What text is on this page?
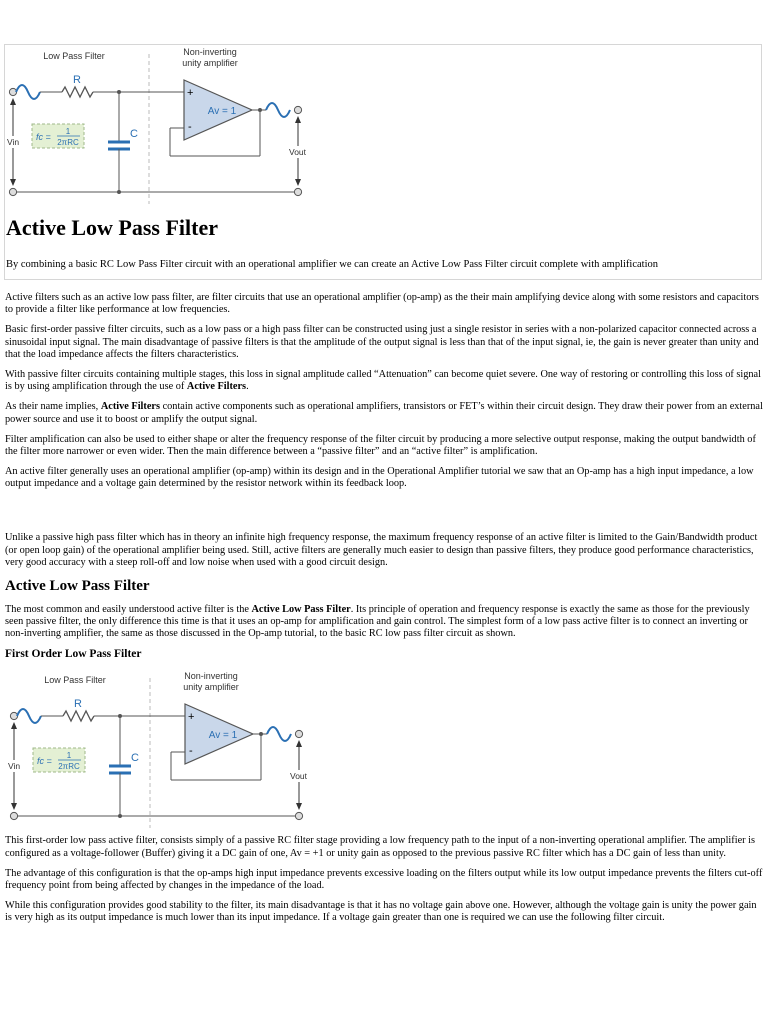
Low Pass Filter	Non-inverting
unity amplifier
R
C
Vin fc =
1
2πRC
+
-
Av = 1
Vout
Active Low Pass Filter

By combining a basic RC Low Pass Filter circuit with an operational amplifier we can create an Active Low Pass Filter circuit complete with amplification

Active filters such as an active low pass filter, are filter circuits that use an operational amplifier (op-amp) as the their main amplifying device along with some resistors and capacitors to provide a filter like performance at low frequencies.

Basic first-order passive filter circuits, such as a low pass or a high pass filter can be constructed using just a single resistor in series with a non-polarized capacitor connected across a sinusoidal input signal. The main disadvantage of passive filters is that the amplitude of the output signal is less than that of the input signal, ie, the gain is never greater than unity and that the load impedance affects the filters characteristics.

With passive filter circuits containing multiple stages, this loss in signal amplitude called “Attenuation” can become quiet severe. One way of restoring or controlling this loss of signal is by using amplification through the use of Active Filters.

As their name implies, Active Filters contain active components such as operational amplifiers, transistors or FET’s within their circuit design. They draw their power from an external power source and use it to boost or amplify the output signal.

Filter amplification can also be used to either shape or alter the frequency response of the filter circuit by producing a more selective output response, making the output bandwidth of the filter more narrower or even wider. Then the main difference between a “passive filter” and an “active filter” is amplification.

An active filter generally uses an operational amplifier (op-amp) within its design and in the Operational Amplifier tutorial we saw that an Op-amp has a high input impedance, a low output impedance and a voltage gain determined by the resistor network within its feedback loop.

Unlike a passive high pass filter which has in theory an infinite high frequency response, the maximum frequency response of an active filter is limited to the Gain/Bandwidth product (or open loop gain) of the operational amplifier being used. Still, active filters are generally much easier to design than passive filters, they produce good performance characteristics, very good accuracy with a steep roll-off and low noise when used with a good circuit design.

Active Low Pass Filter

The most common and easily understood active filter is the Active Low Pass Filter. Its principle of operation and frequency response is exactly the same as those for the previously seen passive filter, the only difference this time is that it uses an op-amp for amplification and gain control. The simplest form of a low pass active filter is to connect an inverting or non-inverting amplifier, the same as those discussed in the Op-amp tutorial, to the basic RC low pass filter circuit as shown.

First Order Low Pass Filter
Low Pass Filter	Non-inverting
unity amplifier
R
C
Vin fc =
1
2πRC
+
-
Av = 1
Vout

This first-order low pass active filter, consists simply of a passive RC filter stage providing a low frequency path to the input of a non-inverting operational amplifier. The amplifier is configured as a voltage-follower (Buffer) giving it a DC gain of one, Av = +1 or unity gain as opposed to the previous passive RC filter which has a DC gain of less than unity.

The advantage of this configuration is that the op-amps high input impedance prevents excessive loading on the filters output while its low output impedance prevents the filters cut-off frequency point from being affected by changes in the impedance of the load.

While this configuration provides good stability to the filter, its main disadvantage is that it has no voltage gain above one. However, although the voltage gain is unity the power gain is very high as its output impedance is much lower than its input impedance. If a voltage gain greater than one is required we can use the following filter circuit.
